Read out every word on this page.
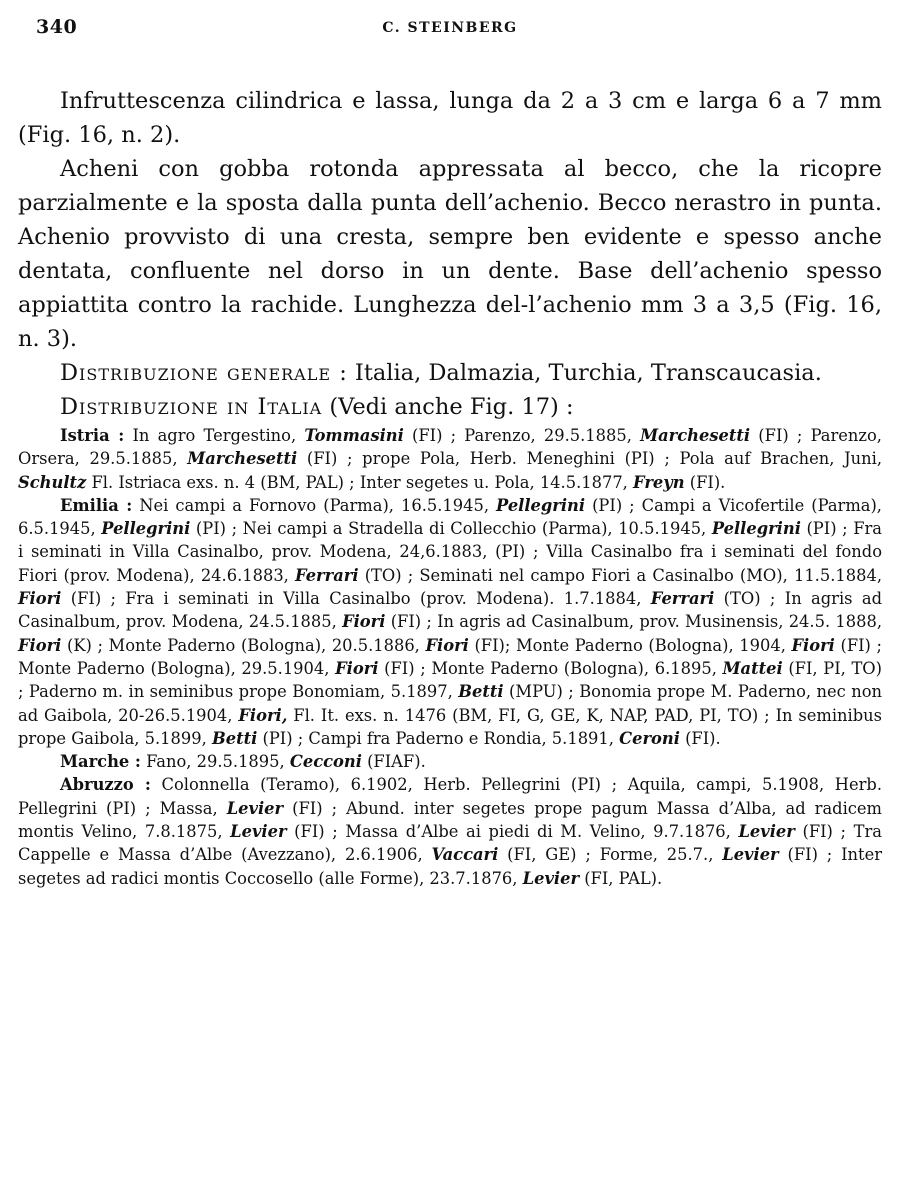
340	C. STEINBERG

Infruttescenza cilindrica e lassa, lunga da 2 a 3 cm e larga 6 a 7 mm (Fig. 16, n. 2).

Acheni con gobba rotonda appressata al becco, che la ricopre parzialmente e la sposta dalla punta dell’achenio. Becco nerastro in punta. Achenio provvisto di una cresta, sempre ben evidente e spesso anche dentata, confluente nel dorso in un dente. Base dell’achenio spesso appiattita contro la rachide. Lunghezza del-l’achenio mm 3 a 3,5 (Fig. 16, n. 3).

Distribuzione generale : Italia, Dalmazia, Turchia, Transcaucasia.

Distribuzione in Italia (Vedi anche Fig. 17) :

Istria : In agro Tergestino, Tommasini (FI) ; Parenzo, 29.5.1885, Marchesetti (FI) ; Parenzo, Orsera, 29.5.1885, Marchesetti (FI) ; prope Pola, Herb. Meneghini (PI) ; Pola auf Brachen, Juni, Schultz Fl. Istriaca exs. n. 4 (BM, PAL) ; Inter segetes u. Pola, 14.5.1877, Freyn (FI).

Emilia : Nei campi a Fornovo (Parma), 16.5.1945, Pellegrini (PI) ; Campi a Vicofertile (Parma), 6.5.1945, Pellegrini (PI) ; Nei campi a Stradella di Collecchio (Parma), 10.5.1945, Pellegrini (PI) ; Fra i seminati in Villa Casinalbo, prov. Modena, 24,6.1883, (PI) ; Villa Casinalbo fra i seminati del fondo Fiori (prov. Modena), 24.6.1883, Ferrari (TO) ; Seminati nel campo Fiori a Casinalbo (MO), 11.5.1884, Fiori (FI) ; Fra i seminati in Villa Casinalbo (prov. Modena). 1.7.1884, Ferrari (TO) ; In agris ad Casinalbum, prov. Modena, 24.5.1885, Fiori (FI) ; In agris ad Casinalbum, prov. Musinensis, 24.5. 1888, Fiori (K) ; Monte Paderno (Bologna), 20.5.1886, Fiori (FI); Monte Paderno (Bologna), 1904, Fiori (FI) ; Monte Paderno (Bologna), 29.5.1904, Fiori (FI) ; Monte Paderno (Bologna), 6.1895, Mattei (FI, PI, TO) ; Paderno m. in seminibus prope Bonomiam, 5.1897, Betti (MPU) ; Bonomia prope M. Paderno, nec non ad Gaibola, 20-26.5.1904, Fiori, Fl. It. exs. n. 1476 (BM, FI, G, GE, K, NAP, PAD, PI, TO) ; In seminibus prope Gaibola, 5.1899, Betti (PI) ; Campi fra Paderno e Rondia, 5.1891, Ceroni (FI).

Marche : Fano, 29.5.1895, Cecconi (FIAF).

Abruzzo : Colonnella (Teramo), 6.1902, Herb. Pellegrini (PI) ; Aquila, campi, 5.1908, Herb. Pellegrini (PI) ; Massa, Levier (FI) ; Abund. inter segetes prope pagum Massa d’Alba, ad radicem montis Velino, 7.8.1875, Levier (FI) ; Massa d’Albe ai piedi di M. Velino, 9.7.1876, Levier (FI) ; Tra Cappelle e Massa d’Albe (Avezzano), 2.6.1906, Vaccari (FI, GE) ; Forme, 25.7., Levier (FI) ; Inter segetes ad radici montis Coccosello (alle Forme), 23.7.1876, Levier (FI, PAL).
